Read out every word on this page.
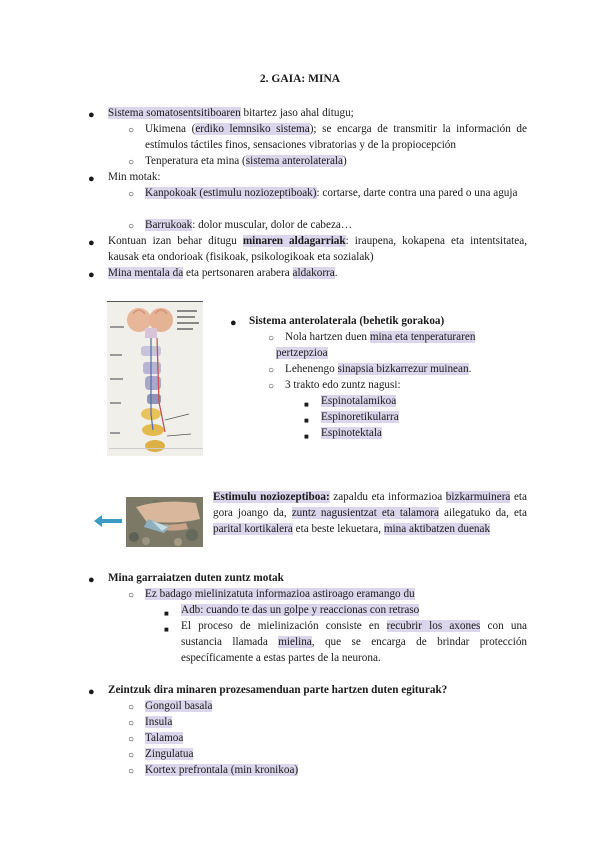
2. GAIA: MINA
● Sistema somatosentsitiboaren bitartez jaso ahal ditugu;
○ Ukimena (erdiko lemnsiko sistema); se encarga de transmitir la información de estímulos táctiles finos, sensaciones vibratorias y de la propiocepción
○ Tenperatura eta mina (sistema anterolaterala)
● Min motak:
○ Kanpokoak (estimulu noziozeptiboak): cortarse, darte contra una pared o una aguja
○ Barrukoak: dolor muscular, dolor de cabeza…
● Kontuan izan behar ditugu minaren aldagarriak: iraupena, kokapena eta intentsitatea, kausak eta ondorioak (fisikoak, psikologikoak eta sozialak)
● Mina mentala da eta pertsonaren arabera aldakorra.
● Sistema anterolaterala (behetik gorakoa)
○ Nola hartzen duen mina eta tenperaturaren
pertzepzioa
○ Lehenengo sinapsia bizkarrezur muinean.
○ 3 trakto edo zuntz nagusi:
■ Espinotalamikoa
■ Espinoretikularra
■ Espinotektala
Estimulu noziozeptiboa: zapaldu eta informazioa bizkarmuinera eta gora joango da, zuntz nagusientzat eta talamora ailegatuko da, eta parital kortikalera eta beste lekuetara, mina aktibatzen duenak
● Mina garraiatzen duten zuntz motak
○ Ez badago mielinizatuta informazioa astiroago eramango du
■ Adb: cuando te das un golpe y reaccionas con retraso
■ El proceso de mielinización consiste en recubrir los axones con una sustancia llamada mielina, que se encarga de brindar protección específicamente a estas partes de la neurona.
● Zeintzuk dira minaren prozesamenduan parte hartzen duten egiturak?
○ Gongoil basala
○ Insula
○ Talamoa
○ Zingulatua
○ Kortex prefrontala (min kronikoa)
